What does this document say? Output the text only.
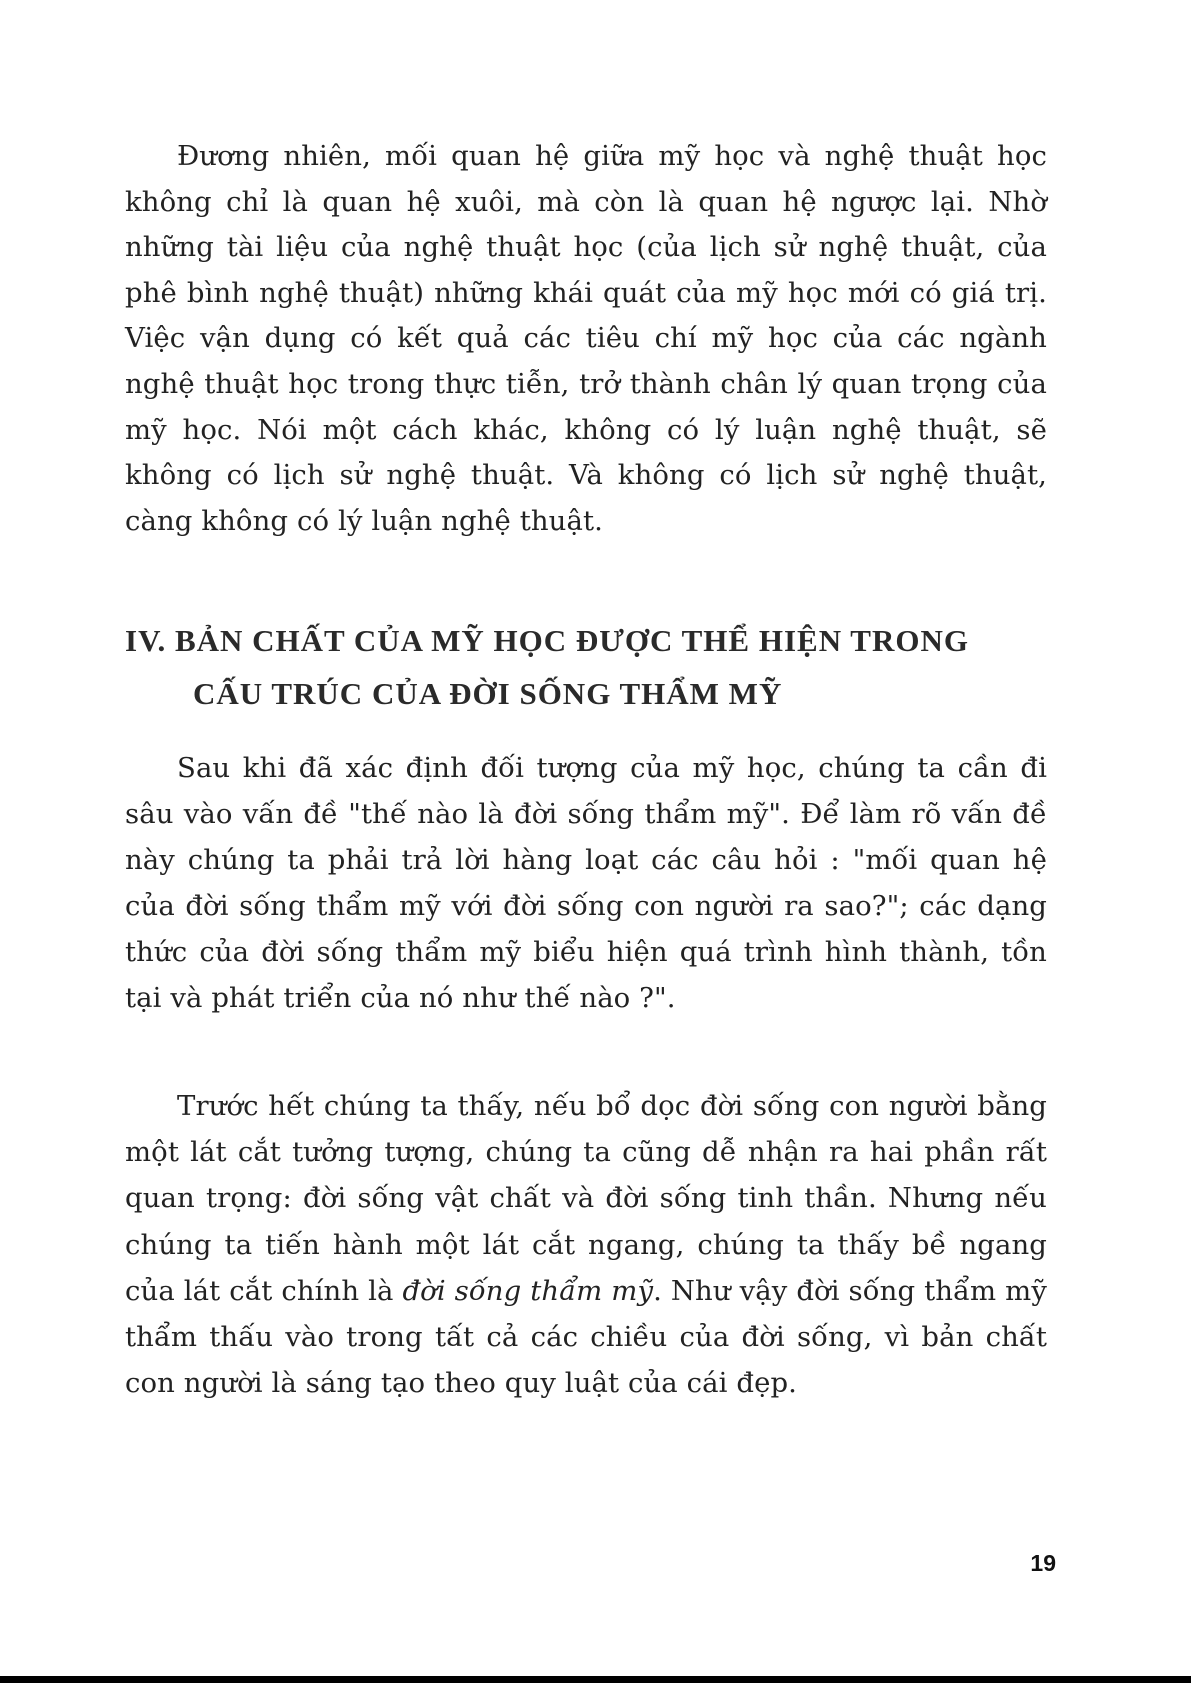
Đương nhiên, mối quan hệ giữa mỹ học và nghệ thuật học không chỉ là quan hệ xuôi, mà còn là quan hệ ngược lại. Nhờ những tài liệu của nghệ thuật học (của lịch sử nghệ thuật, của phê bình nghệ thuật) những khái quát của mỹ học mới có giá trị. Việc vận dụng có kết quả các tiêu chí mỹ học của các ngành nghệ thuật học trong thực tiễn, trở thành chân lý quan trọng của mỹ học. Nói một cách khác, không có lý luận nghệ thuật, sẽ không có lịch sử nghệ thuật. Và không có lịch sử nghệ thuật, càng không có lý luận nghệ thuật.

IV. BẢN CHẤT CỦA MỸ HỌC ĐƯỢC THỂ HIỆN TRONG
CẤU TRÚC CỦA ĐỜI SỐNG THẨM MỸ

Sau khi đã xác định đối tượng của mỹ học, chúng ta cần đi sâu vào vấn đề "thế nào là đời sống thẩm mỹ". Để làm rõ vấn đề này chúng ta phải trả lời hàng loạt các câu hỏi : "mối quan hệ của đời sống thẩm mỹ với đời sống con người ra sao?"; các dạng thức của đời sống thẩm mỹ biểu hiện quá trình hình thành, tồn tại và phát triển của nó như thế nào ?".

Trước hết chúng ta thấy, nếu bổ dọc đời sống con người bằng một lát cắt tưởng tượng, chúng ta cũng dễ nhận ra hai phần rất quan trọng: đời sống vật chất và đời sống tinh thần. Nhưng nếu chúng ta tiến hành một lát cắt ngang, chúng ta thấy bề ngang của lát cắt chính là đời sống thẩm mỹ. Như vậy đời sống thẩm mỹ thẩm thấu vào trong tất cả các chiều của đời sống, vì bản chất con người là sáng tạo theo quy luật của cái đẹp.

19
